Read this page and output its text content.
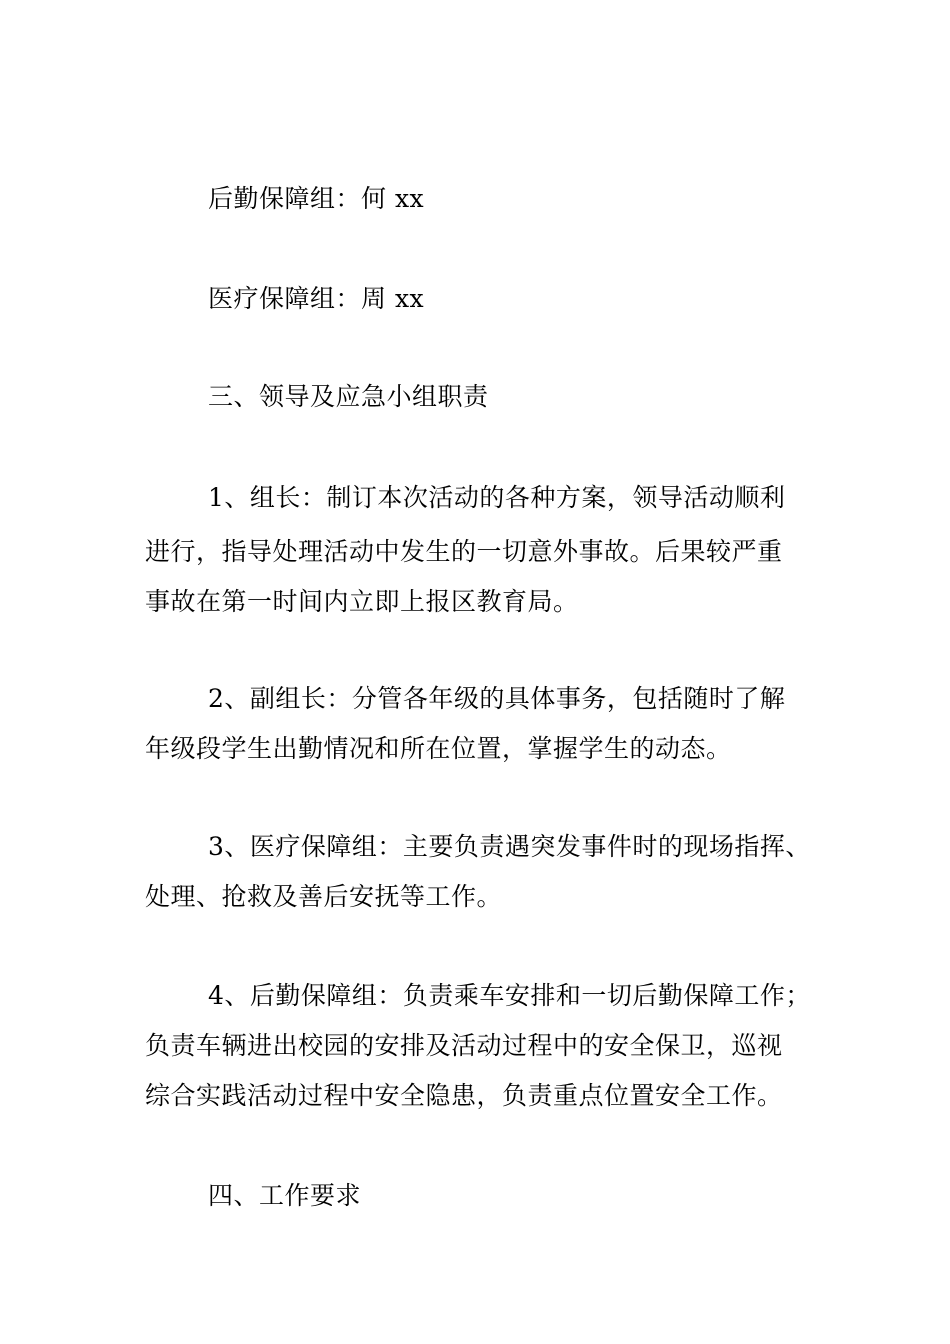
后勤保障组：何 xx
医疗保障组：周 xx
三、领导及应急小组职责
1、组长：制订本次活动的各种方案，领导活动顺利
进行，指导处理活动中发生的一切意外事故。后果较严重
事故在第一时间内立即上报区教育局。
2、副组长：分管各年级的具体事务，包括随时了解
年级段学生出勤情况和所在位置，掌握学生的动态。
3、医疗保障组：主要负责遇突发事件时的现场指挥、
处理、抢救及善后安抚等工作。
4、后勤保障组：负责乘车安排和一切后勤保障工作；
负责车辆进出校园的安排及活动过程中的安全保卫，巡视
综合实践活动过程中安全隐患，负责重点位置安全工作。
四、工作要求
